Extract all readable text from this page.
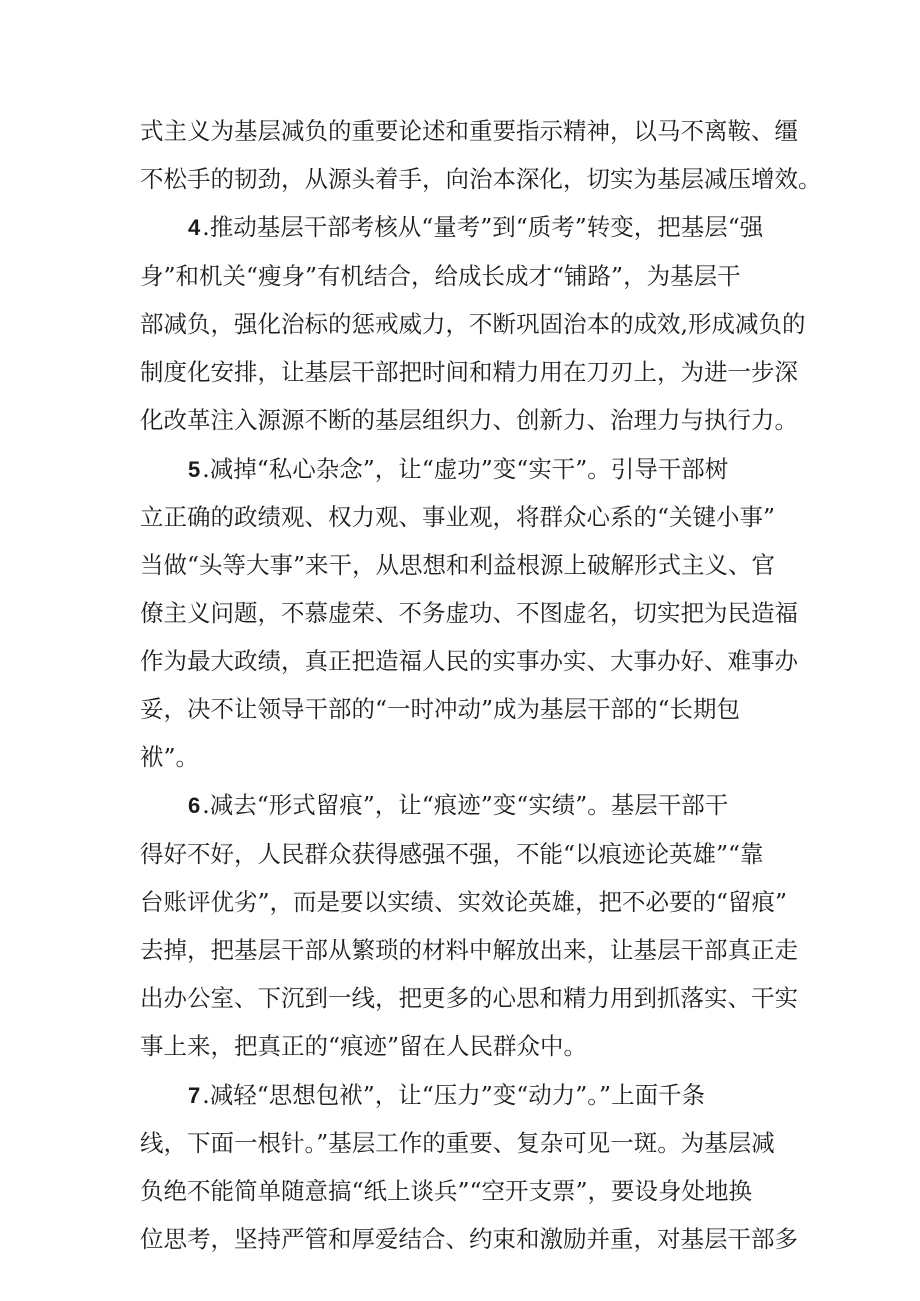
式主义为基层减负的重要论述和重要指示精神，以马不离鞍、缰
不松手的韧劲，从源头着手，向治本深化，切实为基层减压增效。
4.推动基层干部考核从“量考”到“质考”转变，把基层“强
身”和机关“瘦身”有机结合，给成长成才“铺路”，为基层干
部减负，强化治标的惩戒威力，不断巩固治本的成效,形成减负的
制度化安排，让基层干部把时间和精力用在刀刃上，为进一步深
化改革注入源源不断的基层组织力、创新力、治理力与执行力。
5.减掉“私心杂念”，让“虚功”变“实干”。引导干部树
立正确的政绩观、权力观、事业观，将群众心系的“关键小事”
当做“头等大事”来干，从思想和利益根源上破解形式主义、官
僚主义问题，不慕虚荣、不务虚功、不图虚名，切实把为民造福
作为最大政绩，真正把造福人民的实事办实、大事办好、难事办
妥，决不让领导干部的“一时冲动”成为基层干部的“长期包
袱”。
6.减去“形式留痕”，让“痕迹”变“实绩”。基层干部干
得好不好，人民群众获得感强不强，不能“以痕迹论英雄”“靠
台账评优劣”，而是要以实绩、实效论英雄，把不必要的“留痕”
去掉，把基层干部从繁琐的材料中解放出来，让基层干部真正走
出办公室、下沉到一线，把更多的心思和精力用到抓落实、干实
事上来，把真正的“痕迹”留在人民群众中。
7.减轻“思想包袱”，让“压力”变“动力”。”上面千条
线，下面一根针。”基层工作的重要、复杂可见一斑。为基层减
负绝不能简单随意搞“纸上谈兵”“空开支票”，要设身处地换
位思考，坚持严管和厚爱结合、约束和激励并重，对基层干部多
